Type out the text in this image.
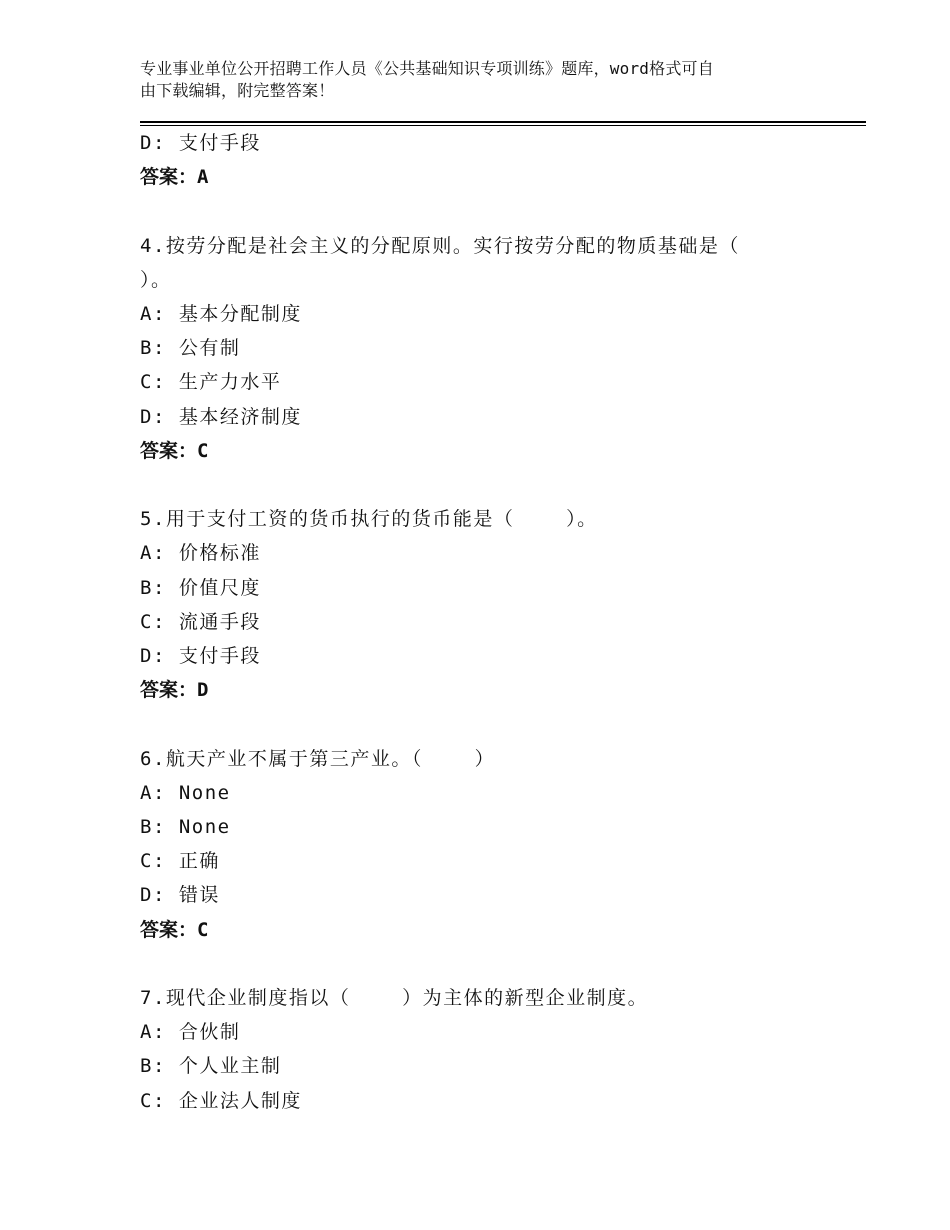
专业事业单位公开招聘工作人员《公共基础知识专项训练》题库，word格式可自
由下载编辑，附完整答案！
D: 支付手段
答案：A
4.按劳分配是社会主义的分配原则。实行按劳分配的物质基础是（
）。
A: 基本分配制度
B: 公有制
C: 生产力水平
D: 基本经济制度
答案：C
5.用于支付工资的货币执行的货币能是（    ）。
A: 价格标准
B: 价值尺度
C: 流通手段
D: 支付手段
答案：D
6.航天产业不属于第三产业。（    ）
A: None
B: None
C: 正确
D: 错误
答案：C
7.现代企业制度指以（    ）为主体的新型企业制度。
A: 合伙制
B: 个人业主制
C: 企业法人制度
